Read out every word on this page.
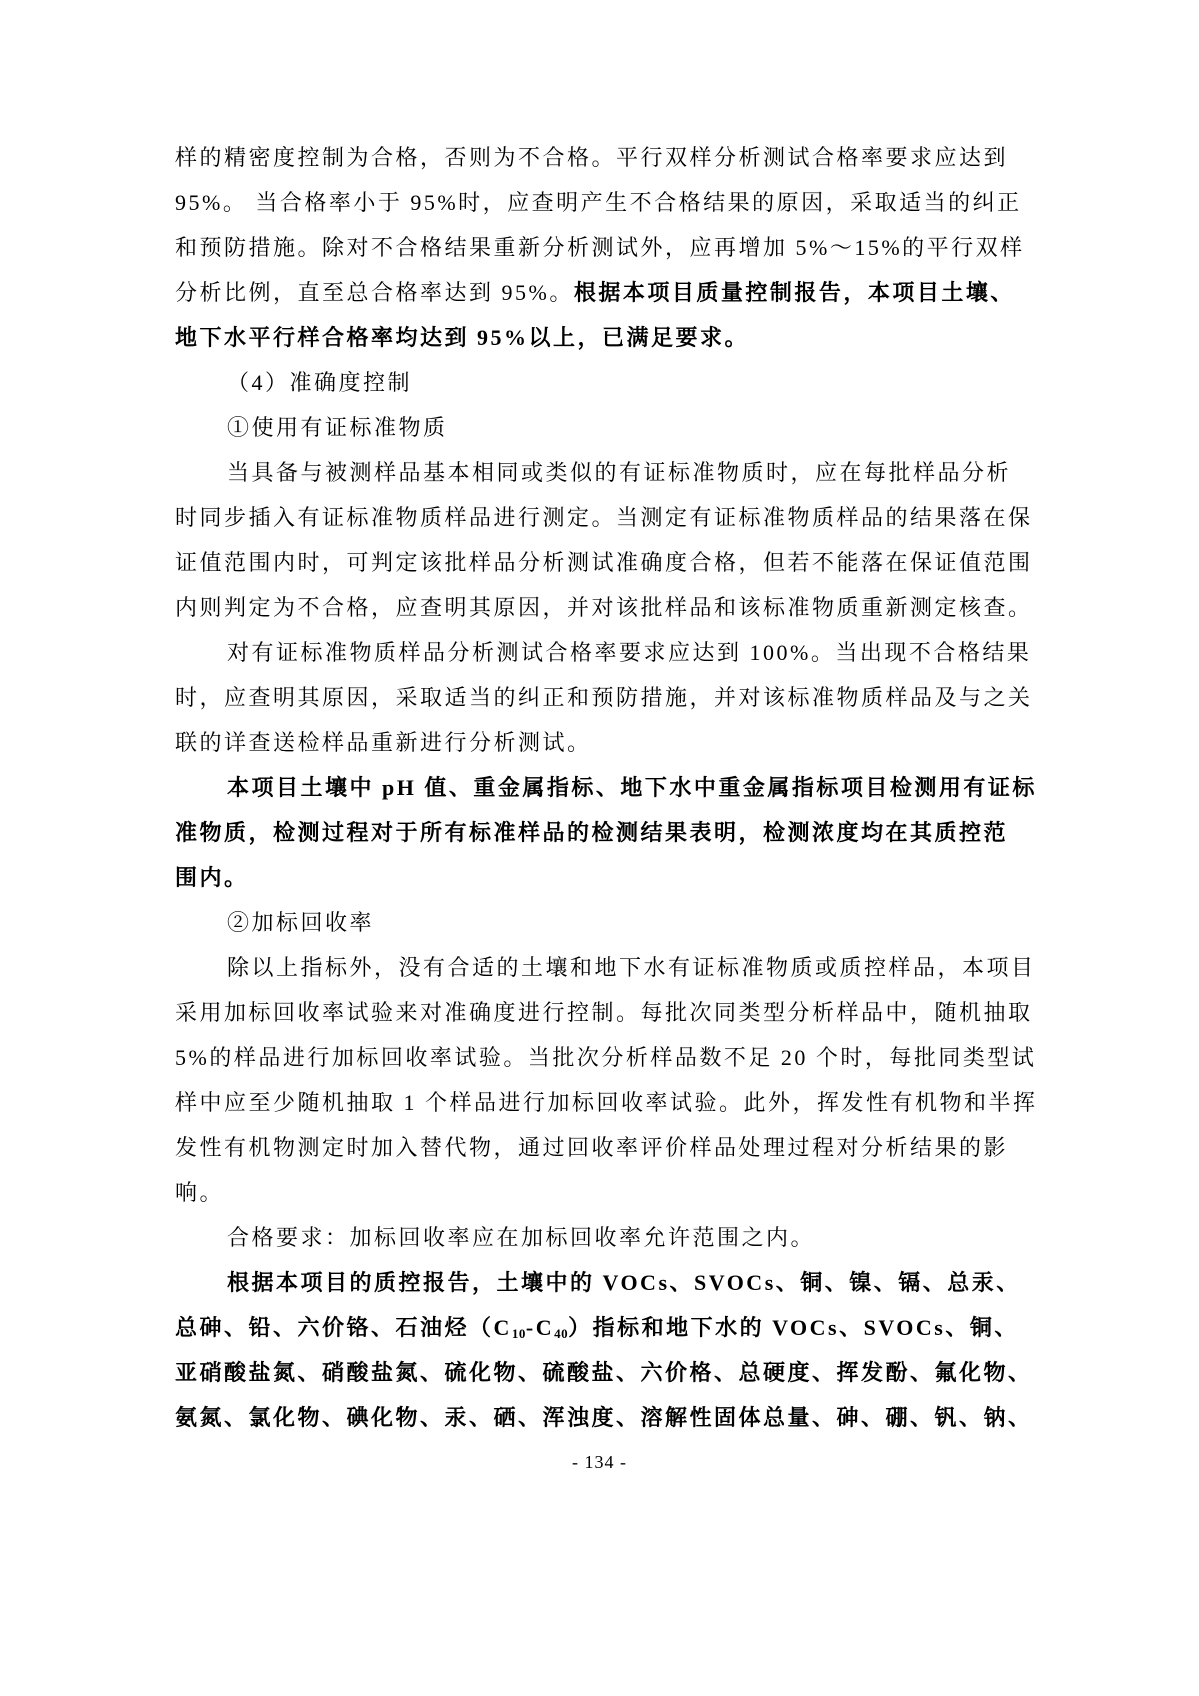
样的精密度控制为合格，否则为不合格。平行双样分析测试合格率要求应达到
95%。 当合格率小于 95%时，应查明产生不合格结果的原因，采取适当的纠正
和预防措施。除对不合格结果重新分析测试外，应再增加 5%～15%的平行双样
分析比例，直至总合格率达到 95%。根据本项目质量控制报告，本项目土壤、
地下水平行样合格率均达到 95%以上，已满足要求。
（4）准确度控制
①使用有证标准物质
当具备与被测样品基本相同或类似的有证标准物质时，应在每批样品分析
时同步插入有证标准物质样品进行测定。当测定有证标准物质样品的结果落在保
证值范围内时，可判定该批样品分析测试准确度合格，但若不能落在保证值范围
内则判定为不合格，应查明其原因，并对该批样品和该标准物质重新测定核查。
对有证标准物质样品分析测试合格率要求应达到 100%。当出现不合格结果
时，应查明其原因，采取适当的纠正和预防措施，并对该标准物质样品及与之关
联的详查送检样品重新进行分析测试。
本项目土壤中 pH 值、重金属指标、地下水中重金属指标项目检测用有证标
准物质，检测过程对于所有标准样品的检测结果表明，检测浓度均在其质控范
围内。
②加标回收率
除以上指标外，没有合适的土壤和地下水有证标准物质或质控样品，本项目
采用加标回收率试验来对准确度进行控制。每批次同类型分析样品中，随机抽取
5%的样品进行加标回收率试验。当批次分析样品数不足 20 个时，每批同类型试
样中应至少随机抽取 1 个样品进行加标回收率试验。此外，挥发性有机物和半挥
发性有机物测定时加入替代物，通过回收率评价样品处理过程对分析结果的影
响。
合格要求：加标回收率应在加标回收率允许范围之内。
根据本项目的质控报告，土壤中的 VOCs、SVOCs、铜、镍、镉、总汞、
总砷、铅、六价铬、石油烃$(C_{10}-C_{40})$指标和地下水的 VOCs、SVOCs、铜、
亚硝酸盐氮、硝酸盐氮、硫化物、硫酸盐、六价格、总硬度、挥发酚、氟化物、
氨氮、氯化物、碘化物、汞、硒、浑浊度、溶解性固体总量、砷、硼、钒、钠、
- 134 -
